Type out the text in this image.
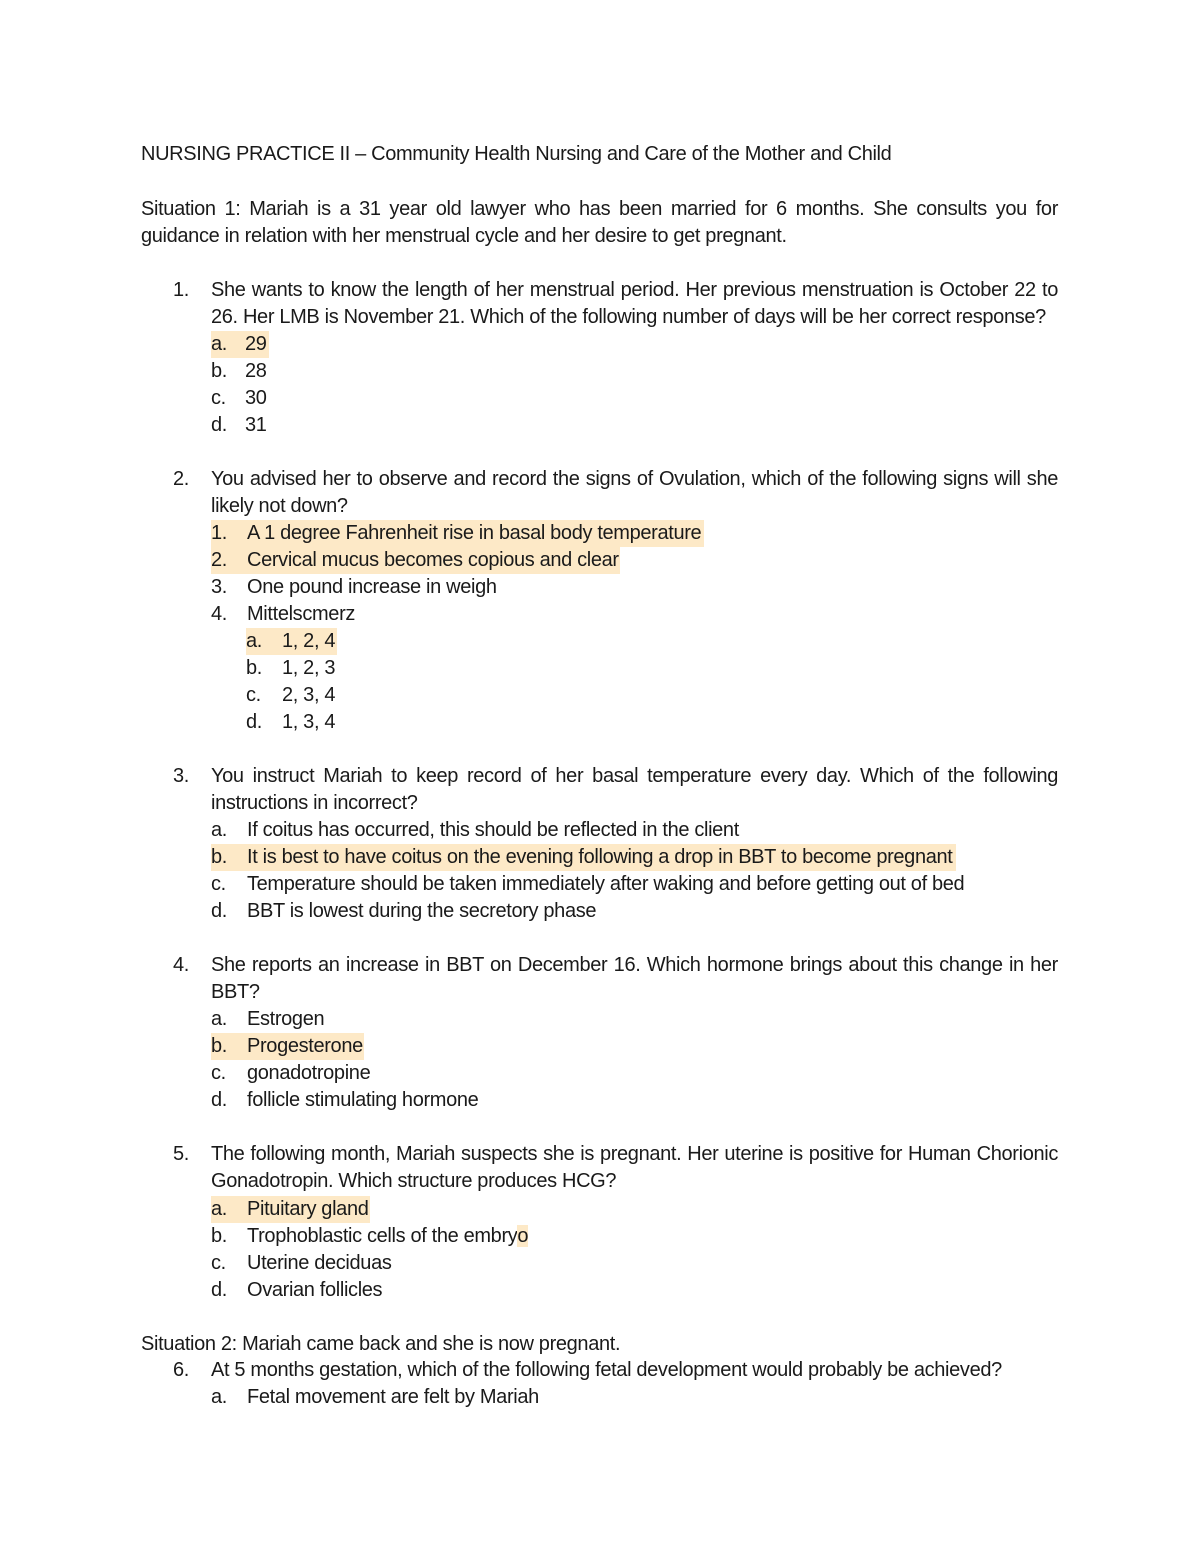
NURSING PRACTICE II – Community Health Nursing and Care of the Mother and Child
Situation 1: Mariah is a 31 year old lawyer who has been married for 6 months. She consults you for
guidance in relation with her menstrual cycle and her desire to get pregnant.
1. She wants to know the length of her menstrual period. Her previous menstruation is October 22 to
26. Her LMB is November 21. Which of the following number of days will be her correct response?
a. 29
b. 28
c. 30
d. 31
2. You advised her to observe and record the signs of Ovulation, which of the following signs will she
likely not down?
1. A 1 degree Fahrenheit rise in basal body temperature
2. Cervical mucus becomes copious and clear
3. One pound increase in weigh
4. Mittelscmerz
a. 1, 2, 4
b. 1, 2, 3
c. 2, 3, 4
d. 1, 3, 4
3. You instruct Mariah to keep record of her basal temperature every day. Which of the following
instructions in incorrect?
a. If coitus has occurred, this should be reflected in the client
b. It is best to have coitus on the evening following a drop in BBT to become pregnant
c. Temperature should be taken immediately after waking and before getting out of bed
d. BBT is lowest during the secretory phase
4. She reports an increase in BBT on December 16. Which hormone brings about this change in her
BBT?
a. Estrogen
b. Progesterone
c. gonadotropine
d. follicle stimulating hormone
5. The following month, Mariah suspects she is pregnant. Her uterine is positive for Human Chorionic
Gonadotropin. Which structure produces HCG?
a. Pituitary gland
b. Trophoblastic cells of the embryo
c. Uterine deciduas
d. Ovarian follicles
Situation 2: Mariah came back and she is now pregnant.
6. At 5 months gestation, which of the following fetal development would probably be achieved?
a. Fetal movement are felt by Mariah
